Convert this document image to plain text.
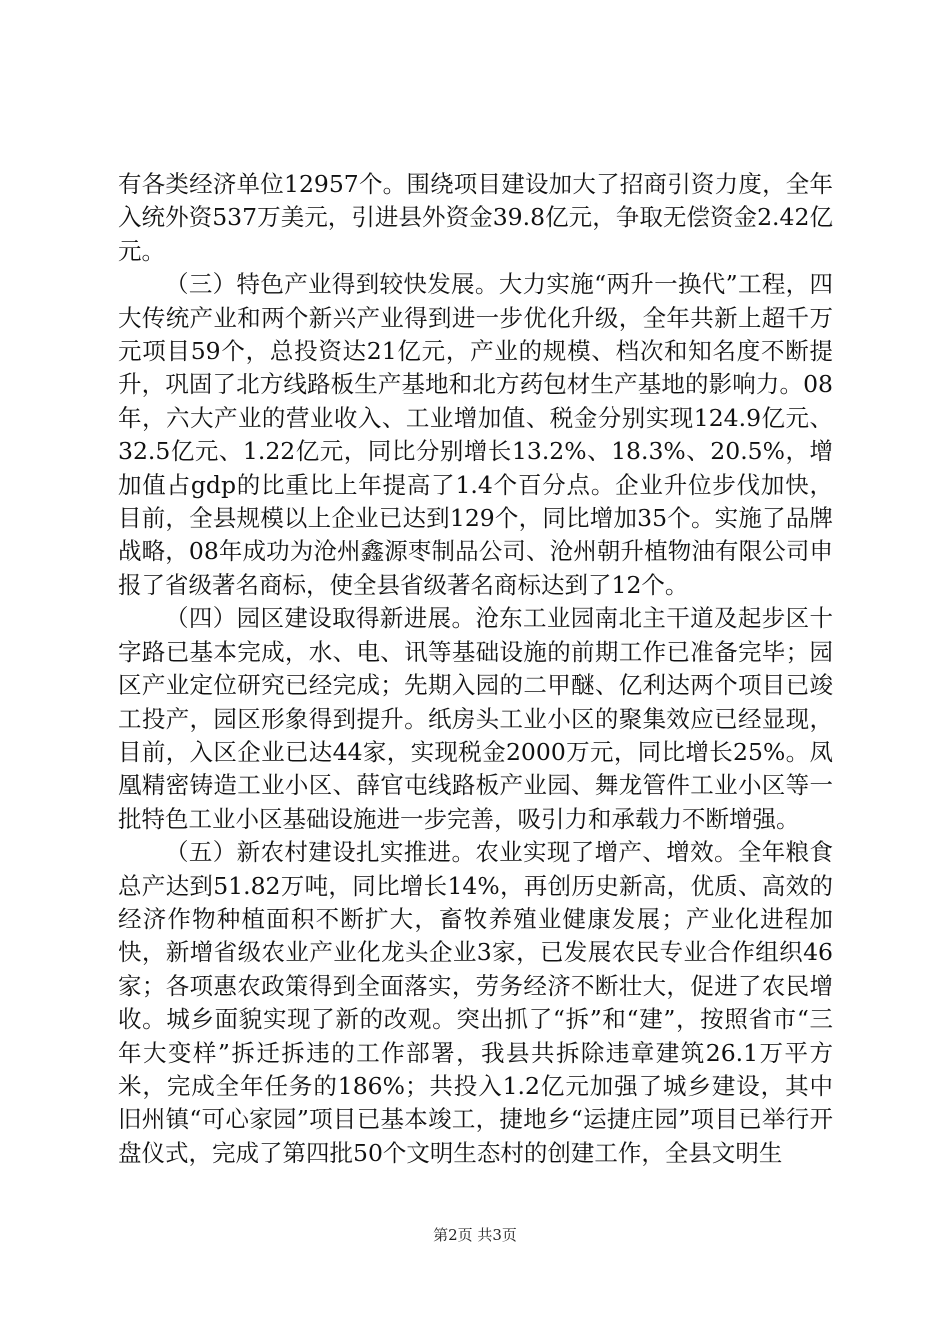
有各类经济单位12957个。围绕项目建设加大了招商引资力度，全年入统外资537万美元，引进县外资金39.8亿元，争取无偿资金2.42亿元。

（三）特色产业得到较快发展。大力实施“两升一换代”工程，四大传统产业和两个新兴产业得到进一步优化升级，全年共新上超千万元项目59个，总投资达21亿元，产业的规模、档次和知名度不断提升，巩固了北方线路板生产基地和北方药包材生产基地的影响力。08年，六大产业的营业收入、工业增加值、税金分别实现124.9亿元、32.5亿元、1.22亿元，同比分别增长13.2%、18.3%、20.5%，增加值占gdp的比重比上年提高了1.4个百分点。企业升位步伐加快，目前，全县规模以上企业已达到129个，同比增加35个。实施了品牌战略，08年成功为沧州鑫源枣制品公司、沧州朝升植物油有限公司申报了省级著名商标，使全县省级著名商标达到了12个。

（四）园区建设取得新进展。沧东工业园南北主干道及起步区十字路已基本完成，水、电、讯等基础设施的前期工作已准备完毕；园区产业定位研究已经完成；先期入园的二甲醚、亿利达两个项目已竣工投产，园区形象得到提升。纸房头工业小区的聚集效应已经显现，目前，入区企业已达44家，实现税金2000万元，同比增长25%。凤凰精密铸造工业小区、薛官屯线路板产业园、舞龙管件工业小区等一批特色工业小区基础设施进一步完善，吸引力和承载力不断增强。

（五）新农村建设扎实推进。农业实现了增产、增效。全年粮食总产达到51.82万吨，同比增长14%，再创历史新高，优质、高效的经济作物种植面积不断扩大，畜牧养殖业健康发展；产业化进程加快，新增省级农业产业化龙头企业3家，已发展农民专业合作组织46家；各项惠农政策得到全面落实，劳务经济不断壮大，促进了农民增收。城乡面貌实现了新的改观。突出抓了“拆”和“建”，按照省市“三年大变样”拆迁拆违的工作部署，我县共拆除违章建筑26.1万平方米，完成全年任务的186%；共投入1.2亿元加强了城乡建设，其中旧州镇“可心家园”项目已基本竣工，捷地乡“运捷庄园”项目已举行开盘仪式，完成了第四批50个文明生态村的创建工作，全县文明生

第2页 共3页
